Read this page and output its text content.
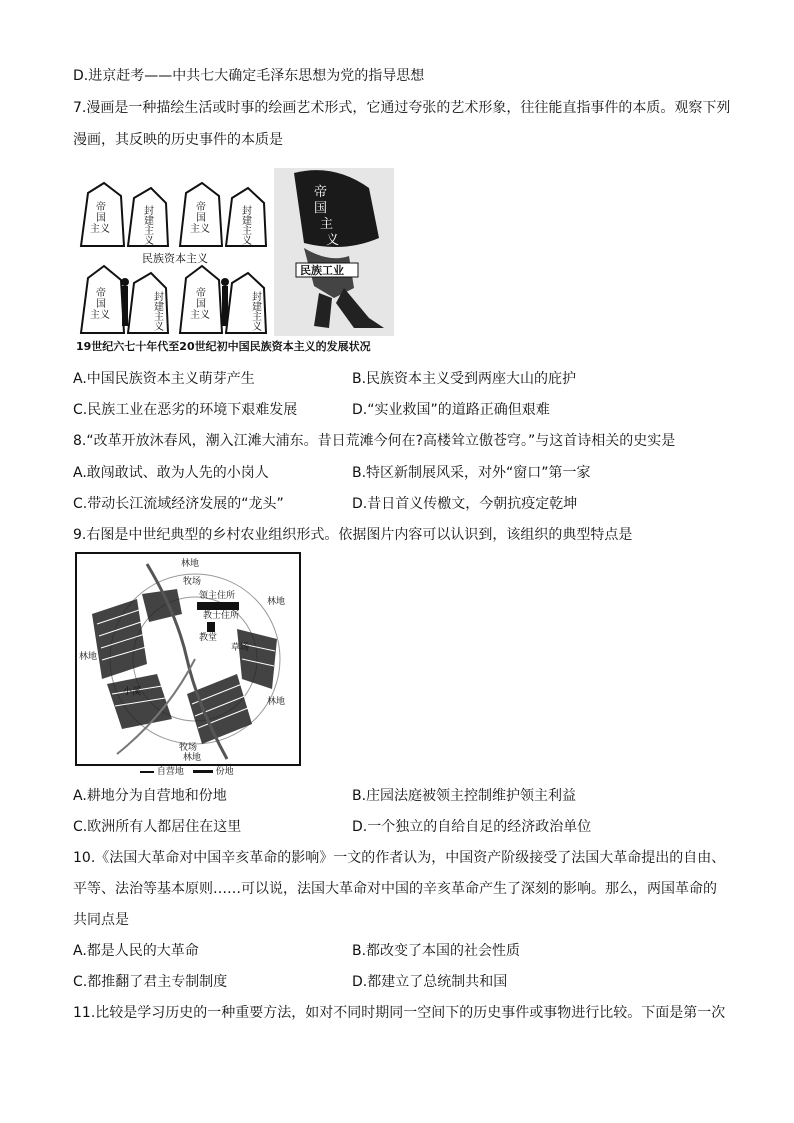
D.进京赶考——中共七大确定毛泽东思想为党的指导思想
7.漫画是一种描绘生活或时事的绘画艺术形式，它通过夸张的艺术形象，往往能直指事件的本质。观察下列
漫画，其反映的历史事件的本质是
帝国主义
封建主义
帝国主义
封建主义
帝国主义
封建主义
帝国主义
封建主义
民族资本主义
帝
国
主
义
民族工业
19世纪六七十年代至20世纪初中国民族资本主义的发展状况
A.中国民族资本主义萌芽产生	B.民族资本主义受到两座大山的庇护
C.民族工业在恶劣的环境下艰难发展	D.“实业救国”的道路正确但艰难
8.“改革开放沐春风，潮入江滩大浦东。昔日荒滩今何在?高楼耸立傲苍穹。”与这首诗相关的史实是
A.敢闯敢试、敢为人先的小岗人	B.特区新制展风采，对外“窗口”第一家
C.带动长江流域经济发展的“龙头”	D.昔日首义传檄文，今朝抗疫定乾坤
9.右图是中世纪典型的乡村农业组织形式。依据图片内容可以认识到，该组织的典型特点是
林地
牧场
领主住所
教士住所
教堂
草场
林地
林地
林地
小溪
牧场
林地
自营地	份地
A.耕地分为自营地和份地	B.庄园法庭被领主控制维护领主利益
C.欧洲所有人都居住在这里	D.一个独立的自给自足的经济政治单位
10.《法国大革命对中国辛亥革命的影响》一文的作者认为，中国资产阶级接受了法国大革命提出的自由、
平等、法治等基本原则……可以说，法国大革命对中国的辛亥革命产生了深刻的影响。那么，两国革命的
共同点是
A.都是人民的大革命	B.都改变了本国的社会性质
C.都推翻了君主专制制度	D.都建立了总统制共和国
11.比较是学习历史的一种重要方法，如对不同时期同一空间下的历史事件或事物进行比较。下面是第一次
